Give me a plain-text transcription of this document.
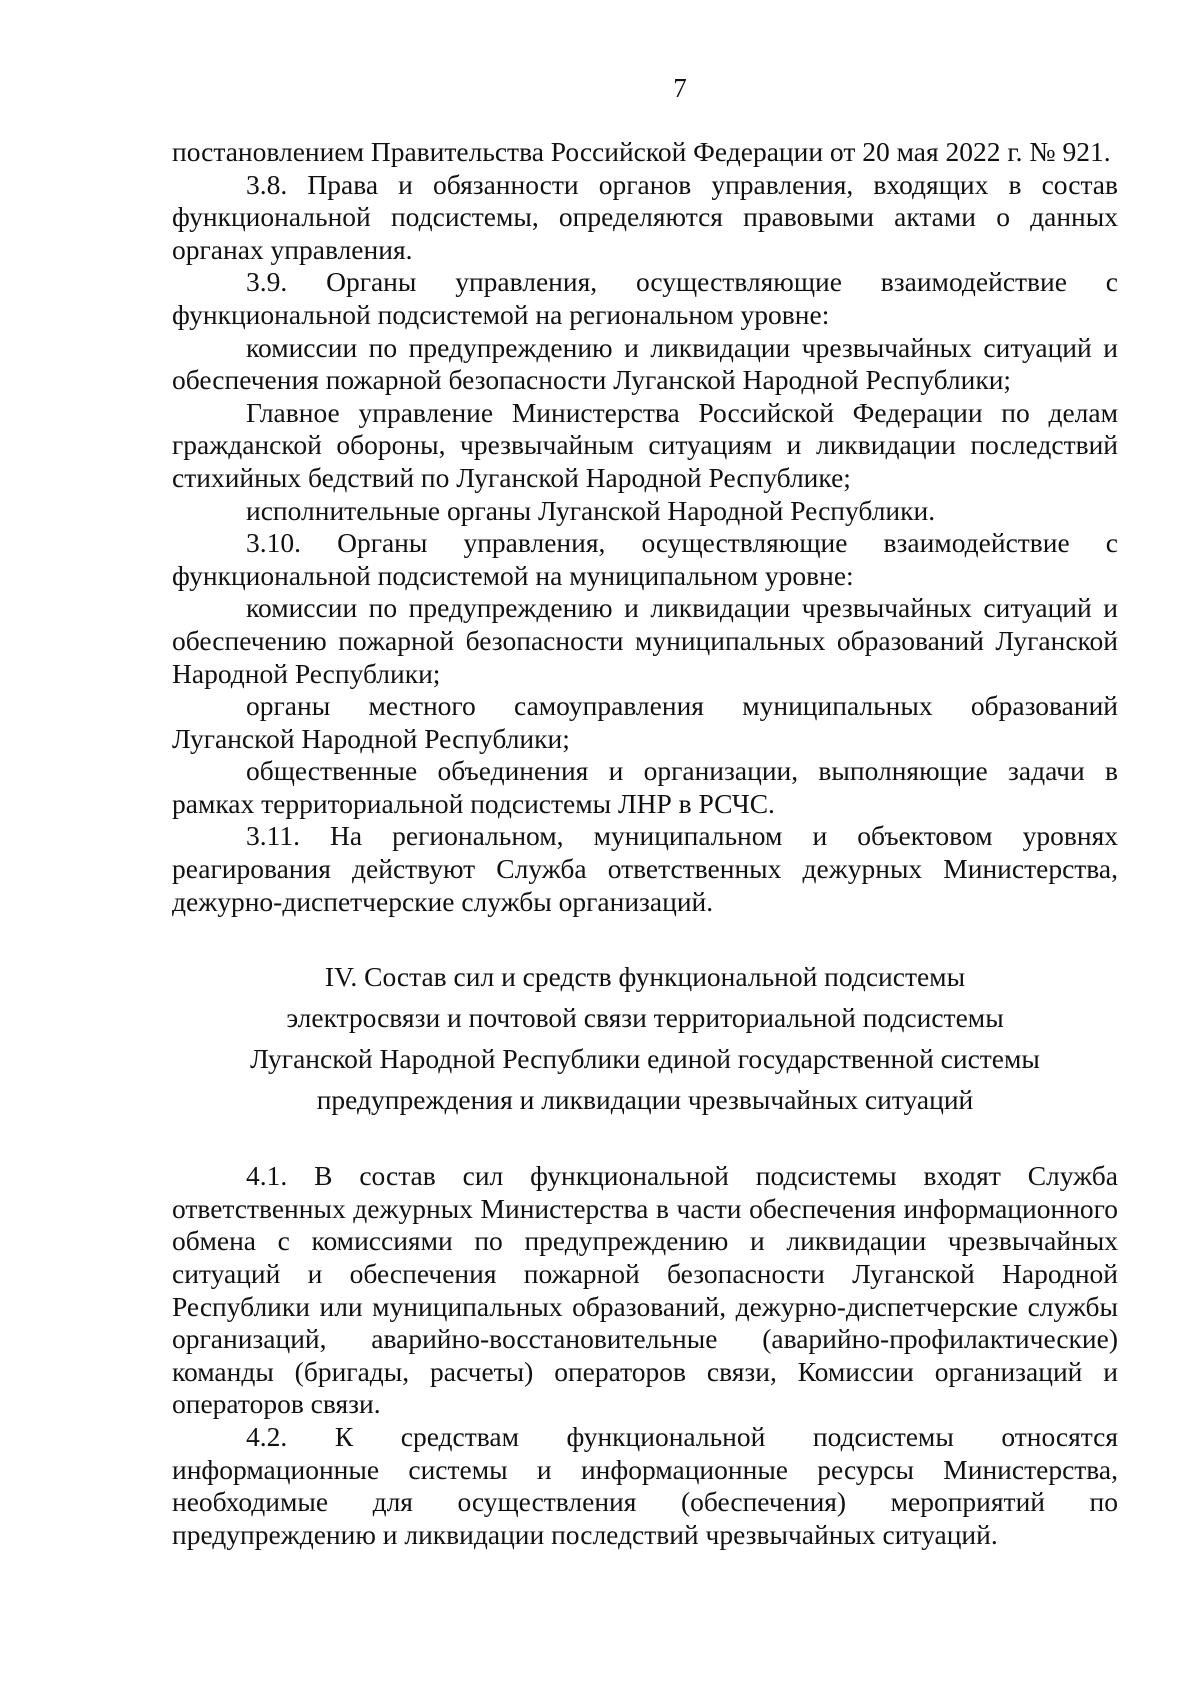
7

постановлением Правительства Российской Федерации от 20 мая 2022 г. № 921.

3.8. Права и обязанности органов управления, входящих в состав функциональной подсистемы, определяются правовыми актами о данных органах управления.

3.9. Органы управления, осуществляющие взаимодействие с функциональной подсистемой на региональном уровне:

комиссии по предупреждению и ликвидации чрезвычайных ситуаций и обеспечения пожарной безопасности Луганской Народной Республики;

Главное управление Министерства Российской Федерации по делам гражданской обороны, чрезвычайным ситуациям и ликвидации последствий стихийных бедствий по Луганской Народной Республике;

исполнительные органы Луганской Народной Республики.

3.10. Органы управления, осуществляющие взаимодействие с функциональной подсистемой на муниципальном уровне:

комиссии по предупреждению и ликвидации чрезвычайных ситуаций и обеспечению пожарной безопасности муниципальных образований Луганской Народной Республики;

органы местного самоуправления муниципальных образований Луганской Народной Республики;

общественные объединения и организации, выполняющие задачи в рамках территориальной подсистемы ЛНР в РСЧС.

3.11. На региональном, муниципальном и объектовом уровнях реагирования действуют Служба ответственных дежурных Министерства, дежурно-диспетчерские службы организаций.

IV. Состав сил и средств функциональной подсистемы

электросвязи и почтовой связи территориальной подсистемы

Луганской Народной Республики единой государственной системы

предупреждения и ликвидации чрезвычайных ситуаций

4.1. В состав сил функциональной подсистемы входят Служба ответственных дежурных Министерства в части обеспечения информационного обмена с комиссиями по предупреждению и ликвидации чрезвычайных ситуаций и обеспечения пожарной безопасности Луганской Народной Республики или муниципальных образований, дежурно-диспетчерские службы организаций, аварийно-восстановительные (аварийно-профилактические) команды (бригады, расчеты) операторов связи, Комиссии организаций и операторов связи.

4.2. К средствам функциональной подсистемы относятся информационные системы и информационные ресурсы Министерства, необходимые для осуществления (обеспечения) мероприятий по предупреждению и ликвидации последствий чрезвычайных ситуаций.
